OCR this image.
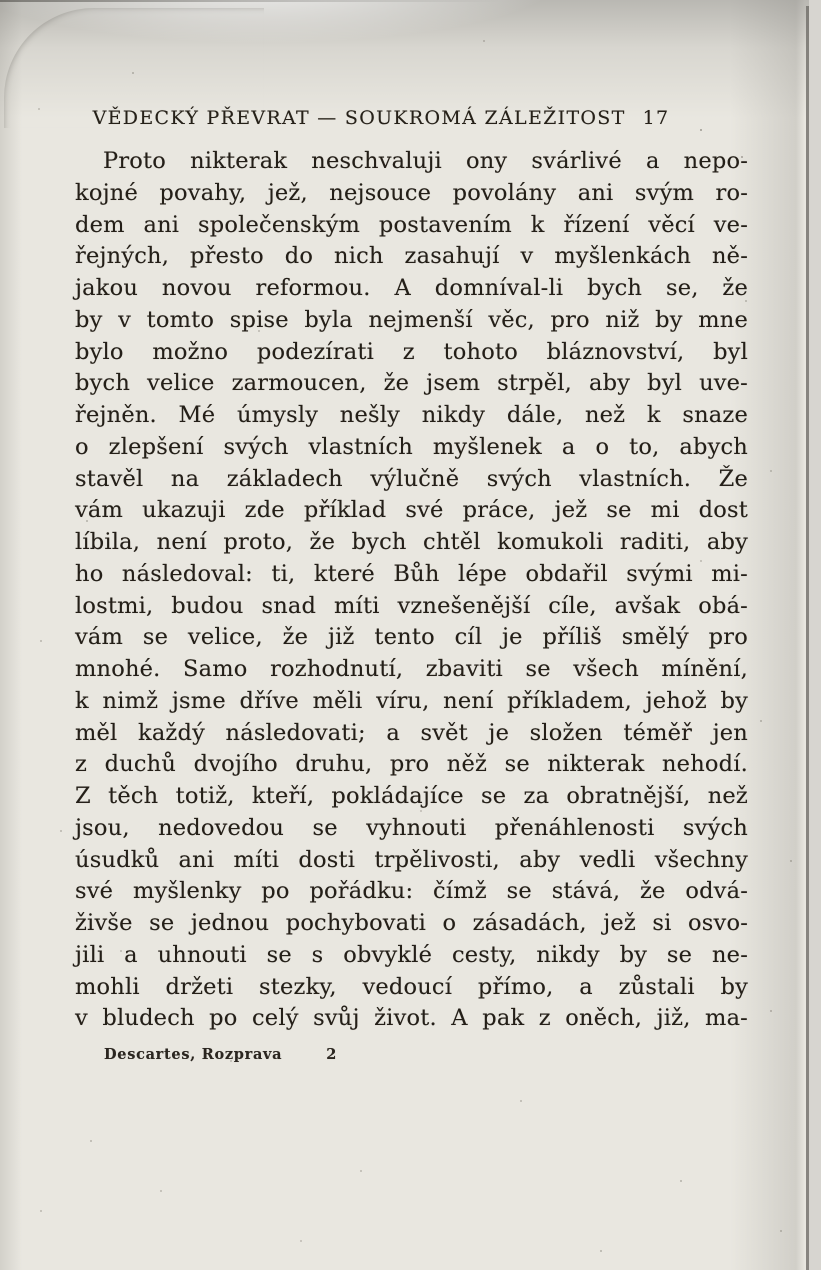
VĚDECKÝ PŘEVRAT — SOUKROMÁ ZÁLEŽITOST 17
Proto nikterak neschvaluji ony svárlivé a nepo-
kojné povahy, jež, nejsouce povolány ani svým ro-
dem ani společenským postavením k řízení věcí ve-
řejných, přesto do nich zasahují v myšlenkách ně-
jakou novou reformou. A domníval-li bych se, že
by v tomto spise byla nejmenší věc, pro niž by mne
bylo možno podezírati z tohoto bláznovství, byl
bych velice zarmoucen, že jsem strpěl, aby byl uve-
řejněn. Mé úmysly nešly nikdy dále, než k snaze
o zlepšení svých vlastních myšlenek a o to, abych
stavěl na základech výlučně svých vlastních. Že
vám ukazuji zde příklad své práce, jež se mi dost
líbila, není proto, že bych chtěl komukoli raditi, aby
ho následoval: ti, které Bůh lépe obdařil svými mi-
lostmi, budou snad míti vznešenější cíle, avšak obá-
vám se velice, že již tento cíl je příliš smělý pro
mnohé. Samo rozhodnutí, zbaviti se všech mínění,
k nimž jsme dříve měli víru, není příkladem, jehož by
měl každý následovati; a svět je složen téměř jen
z duchů dvojího druhu, pro něž se nikterak nehodí.
Z těch totiž, kteří, pokládajíce se za obratnější, než
jsou, nedovedou se vyhnouti přenáhlenosti svých
úsudků ani míti dosti trpělivosti, aby vedli všechny
své myšlenky po pořádku: čímž se stává, že odvá-
živše se jednou pochybovati o zásadách, jež si osvo-
jili a uhnouti se s obvyklé cesty, nikdy by se ne-
mohli držeti stezky, vedoucí přímo, a zůstali by
v bludech po celý svůj život. A pak z oněch, již, ma-
Descartes, Rozprava	2
